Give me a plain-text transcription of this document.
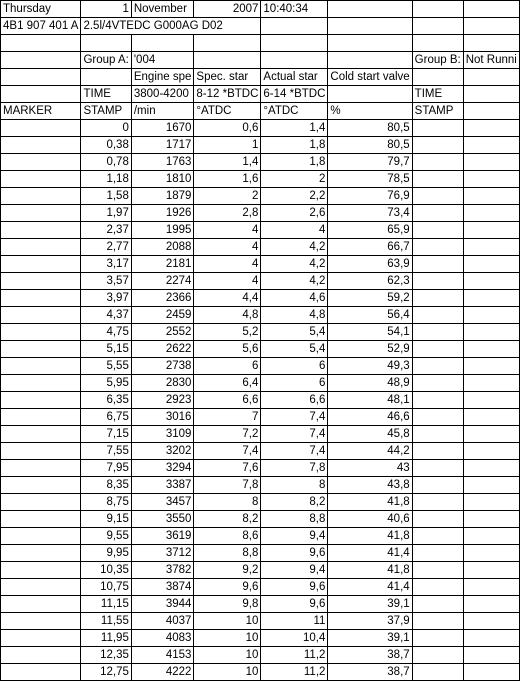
Thursday	1	November	2007	10:40:34			
4B1 907 401 A	2.5l/4VTEDC G000AG D02						

	Group A:	'004				Group B:	Not Runni
		Engine spe	Spec. star	Actual star	Cold start valve		
	TIME	3800-4200	8-12 *BTDC	6-14 *BTDC		TIME	
MARKER	STAMP	/min	°ATDC	°ATDC	%	STAMP	
	0	1670	0,6	1,4	80,5		
	0,38	1717	1	1,8	80,5		
	0,78	1763	1,4	1,8	79,7		
	1,18	1810	1,6	2	78,5		
	1,58	1879	2	2,2	76,9		
	1,97	1926	2,8	2,6	73,4		
	2,37	1995	4	4	65,9		
	2,77	2088	4	4,2	66,7		
	3,17	2181	4	4,2	63,9		
	3,57	2274	4	4,2	62,3		
	3,97	2366	4,4	4,6	59,2		
	4,37	2459	4,8	4,8	56,4		
	4,75	2552	5,2	5,4	54,1		
	5,15	2622	5,6	5,4	52,9		
	5,55	2738	6	6	49,3		
	5,95	2830	6,4	6	48,9		
	6,35	2923	6,6	6,6	48,1		
	6,75	3016	7	7,4	46,6		
	7,15	3109	7,2	7,4	45,8		
	7,55	3202	7,4	7,4	44,2		
	7,95	3294	7,6	7,8	43		
	8,35	3387	7,8	8	43,8		
	8,75	3457	8	8,2	41,8		
	9,15	3550	8,2	8,8	40,6		
	9,55	3619	8,6	9,4	41,8		
	9,95	3712	8,8	9,6	41,4		
	10,35	3782	9,2	9,4	41,8		
	10,75	3874	9,6	9,6	41,4		
	11,15	3944	9,8	9,6	39,1		
	11,55	4037	10	11	37,9		
	11,95	4083	10	10,4	39,1		
	12,35	4153	10	11,2	38,7		
	12,75	4222	10	11,2	38,7		
